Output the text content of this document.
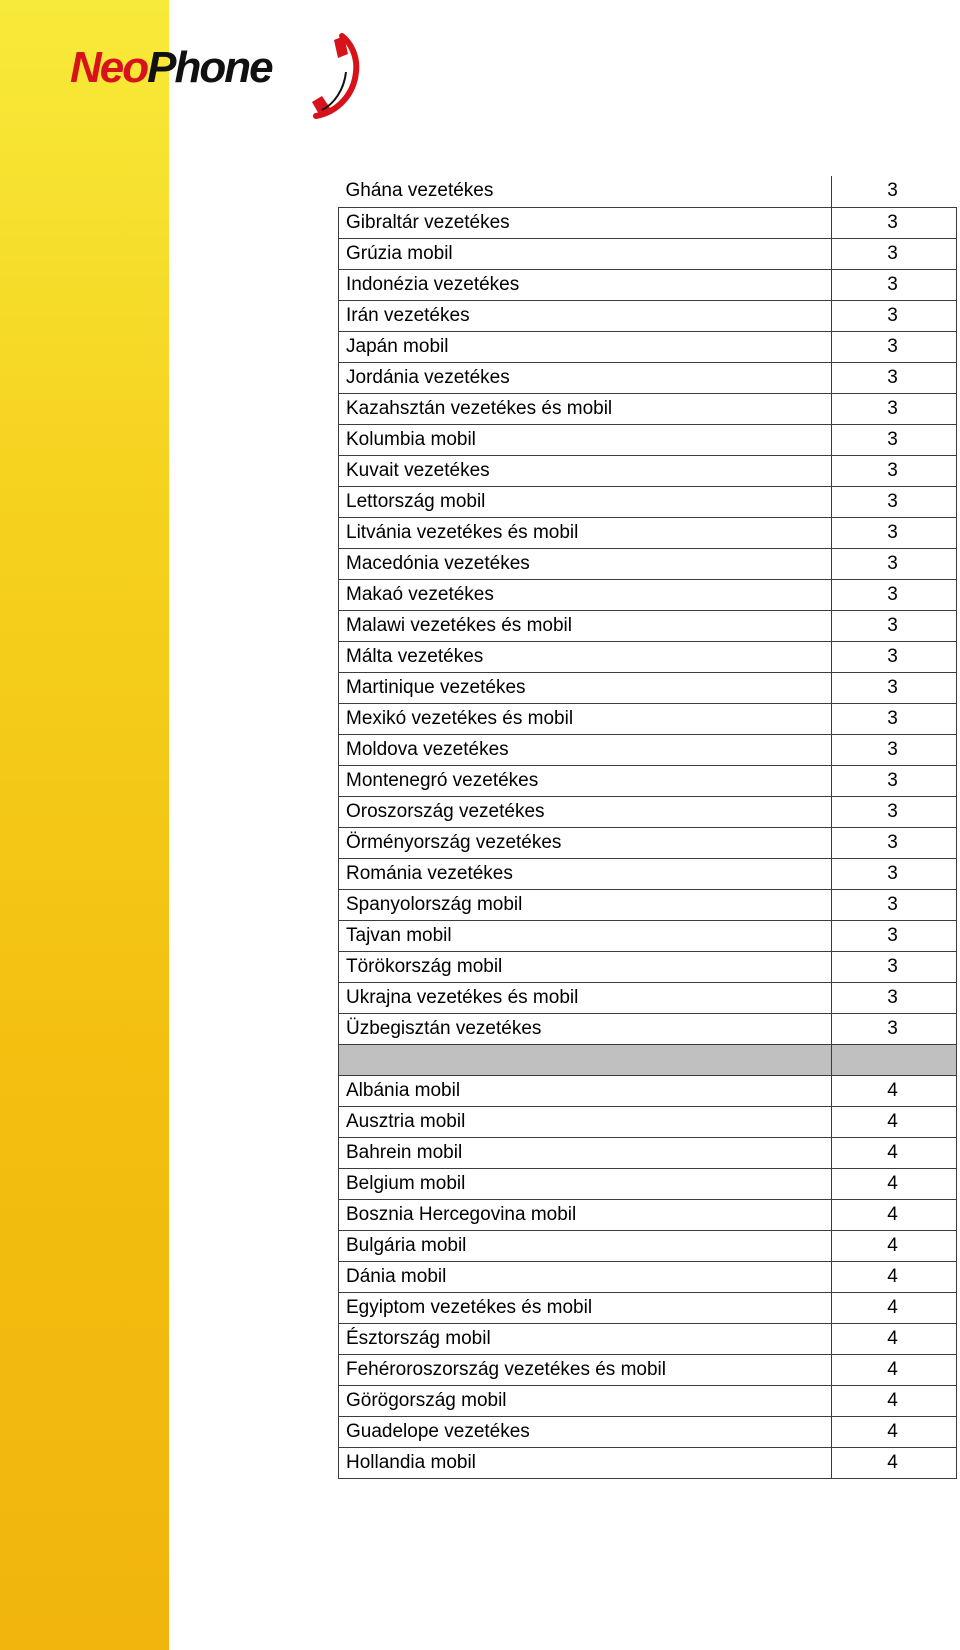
NeoPhone
Ghána vezetékes	3
Gibraltár vezetékes	3
Grúzia mobil	3
Indonézia vezetékes	3
Irán vezetékes	3
Japán mobil	3
Jordánia vezetékes	3
Kazahsztán vezetékes és mobil	3
Kolumbia mobil	3
Kuvait vezetékes	3
Lettország mobil	3
Litvánia vezetékes és mobil	3
Macedónia vezetékes	3
Makaó vezetékes	3
Malawi vezetékes és mobil	3
Málta vezetékes	3
Martinique vezetékes	3
Mexikó vezetékes és mobil	3
Moldova vezetékes	3
Montenegró vezetékes	3
Oroszország vezetékes	3
Örményország vezetékes	3
Románia vezetékes	3
Spanyolország mobil	3
Tajvan mobil	3
Törökország mobil	3
Ukrajna vezetékes és mobil	3
Üzbegisztán vezetékes	3

Albánia mobil	4
Ausztria mobil	4
Bahrein mobil	4
Belgium mobil	4
Bosznia Hercegovina mobil	4
Bulgária mobil	4
Dánia mobil	4
Egyiptom vezetékes és mobil	4
Észtország mobil	4
Fehéroroszország vezetékes és mobil	4
Görögország mobil	4
Guadelope vezetékes	4
Hollandia mobil	4
